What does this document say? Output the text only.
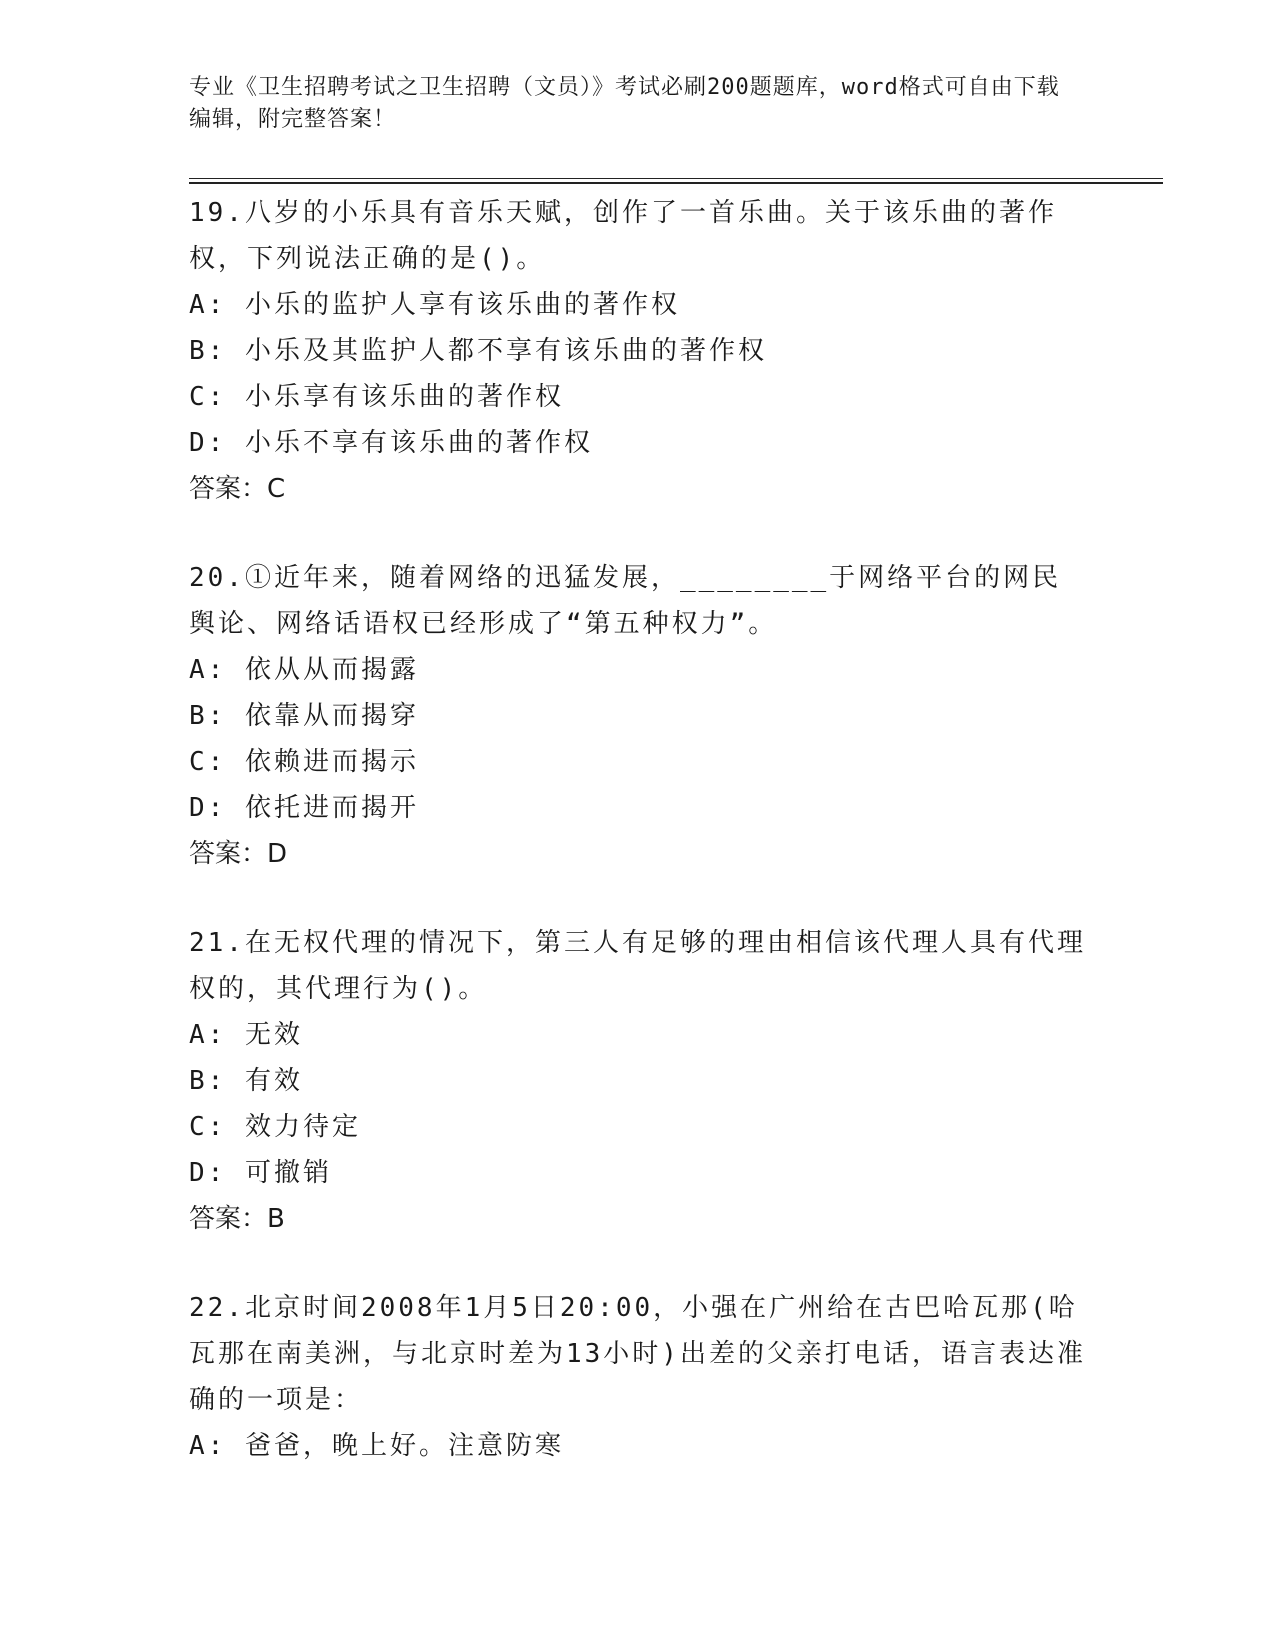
专业《卫生招聘考试之卫生招聘（文员）》考试必刷200题题库，word格式可自由下载编辑，附完整答案！

19.八岁的小乐具有音乐天赋，创作了一首乐曲。关于该乐曲的著作权，下列说法正确的是()。

A: 小乐的监护人享有该乐曲的著作权

B: 小乐及其监护人都不享有该乐曲的著作权

C: 小乐享有该乐曲的著作权

D: 小乐不享有该乐曲的著作权

答案：C

20.①近年来，随着网络的迅猛发展，________于网络平台的网民舆论、网络话语权已经形成了“第五种权力”。

A: 依从从而揭露

B: 依靠从而揭穿

C: 依赖进而揭示

D: 依托进而揭开

答案：D

21.在无权代理的情况下，第三人有足够的理由相信该代理人具有代理权的，其代理行为()。

A: 无效

B: 有效

C: 效力待定

D: 可撤销

答案：B

22.北京时间2008年1月5日20:00，小强在广州给在古巴哈瓦那(哈瓦那在南美洲，与北京时差为13小时)出差的父亲打电话，语言表达准确的一项是：

A: 爸爸，晚上好。注意防寒
